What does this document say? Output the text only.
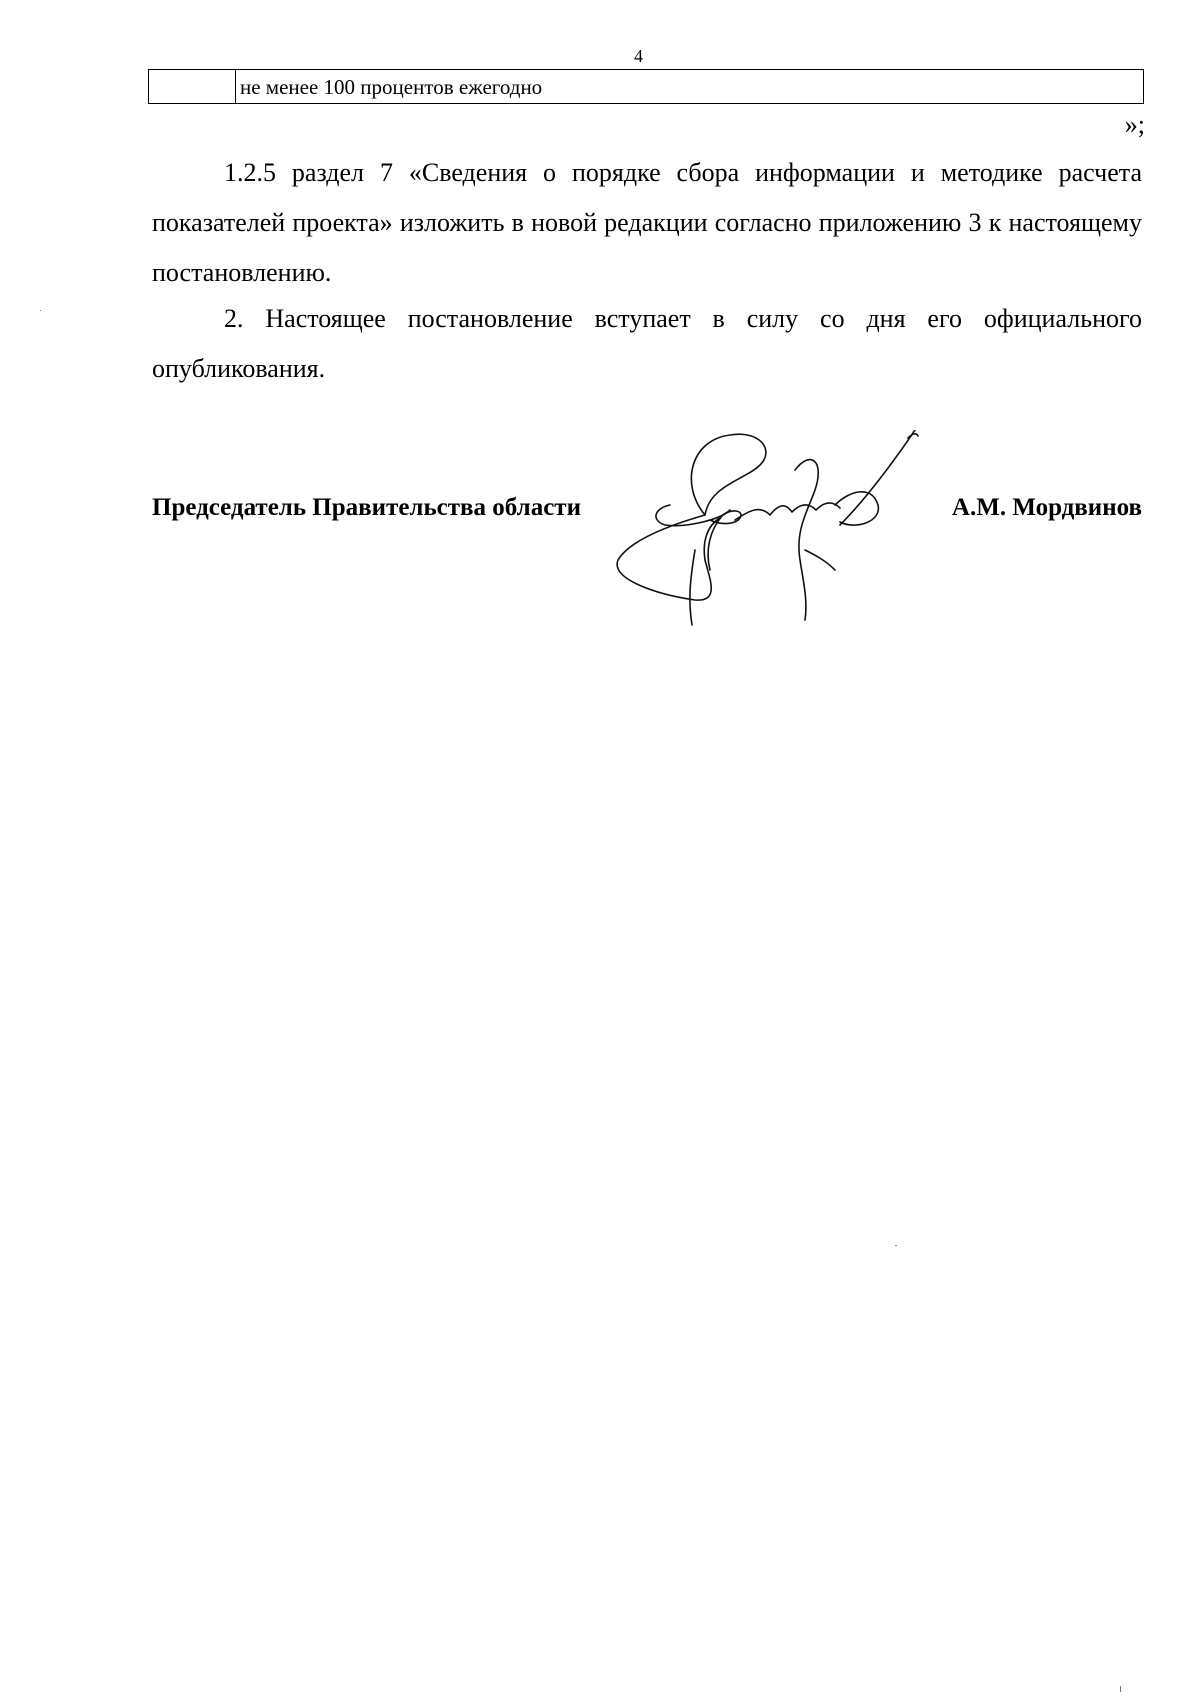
4
	не менее 100 процентов ежегодно
»;

1.2.5 раздел 7 «Сведения о порядке сбора информации и методике расчета показателей проекта» изложить в новой редакции согласно приложению 3 к настоящему постановлению.

2. Настоящее постановление вступает в силу со дня его официального опубликования.

Председатель Правительства области	А.М. Мордвинов
